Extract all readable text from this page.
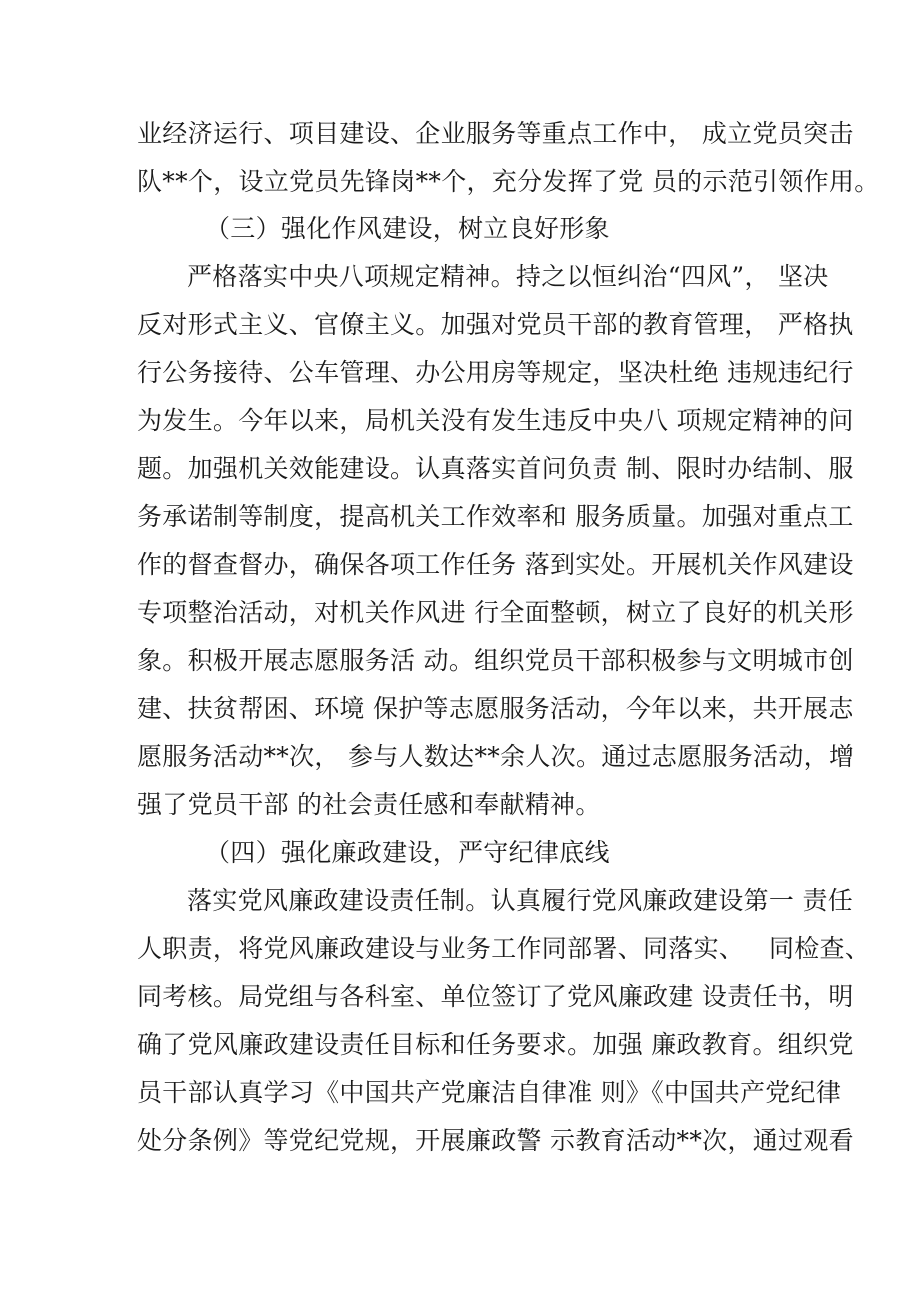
业经济运行、项目建设、企业服务等重点工作中， 成立党员突击
队**个，设立党员先锋岗**个，充分发挥了党 员的示范引领作用。
（三）强化作风建设，树立良好形象
严格落实中央八项规定精神。持之以恒纠治“四风”， 坚决
反对形式主义、官僚主义。加强对党员干部的教育管理， 严格执
行公务接待、公车管理、办公用房等规定，坚决杜绝 违规违纪行
为发生。今年以来，局机关没有发生违反中央八 项规定精神的问
题。加强机关效能建设。认真落实首问负责 制、限时办结制、服
务承诺制等制度，提高机关工作效率和 服务质量。加强对重点工
作的督查督办，确保各项工作任务 落到实处。开展机关作风建设
专项整治活动，对机关作风进 行全面整顿，树立了良好的机关形
象。积极开展志愿服务活 动。组织党员干部积极参与文明城市创
建、扶贫帮困、环境 保护等志愿服务活动，今年以来，共开展志
愿服务活动**次， 参与人数达**余人次。通过志愿服务活动，增
强了党员干部 的社会责任感和奉献精神。
（四）强化廉政建设，严守纪律底线
落实党风廉政建设责任制。认真履行党风廉政建设第一 责任
人职责，将党风廉政建设与业务工作同部署、同落实、   同检查、
同考核。局党组与各科室、单位签订了党风廉政建 设责任书，明
确了党风廉政建设责任目标和任务要求。加强 廉政教育。组织党
员干部认真学习《中国共产党廉洁自律准 则》《中国共产党纪律
处分条例》等党纪党规，开展廉政警 示教育活动**次，通过观看
